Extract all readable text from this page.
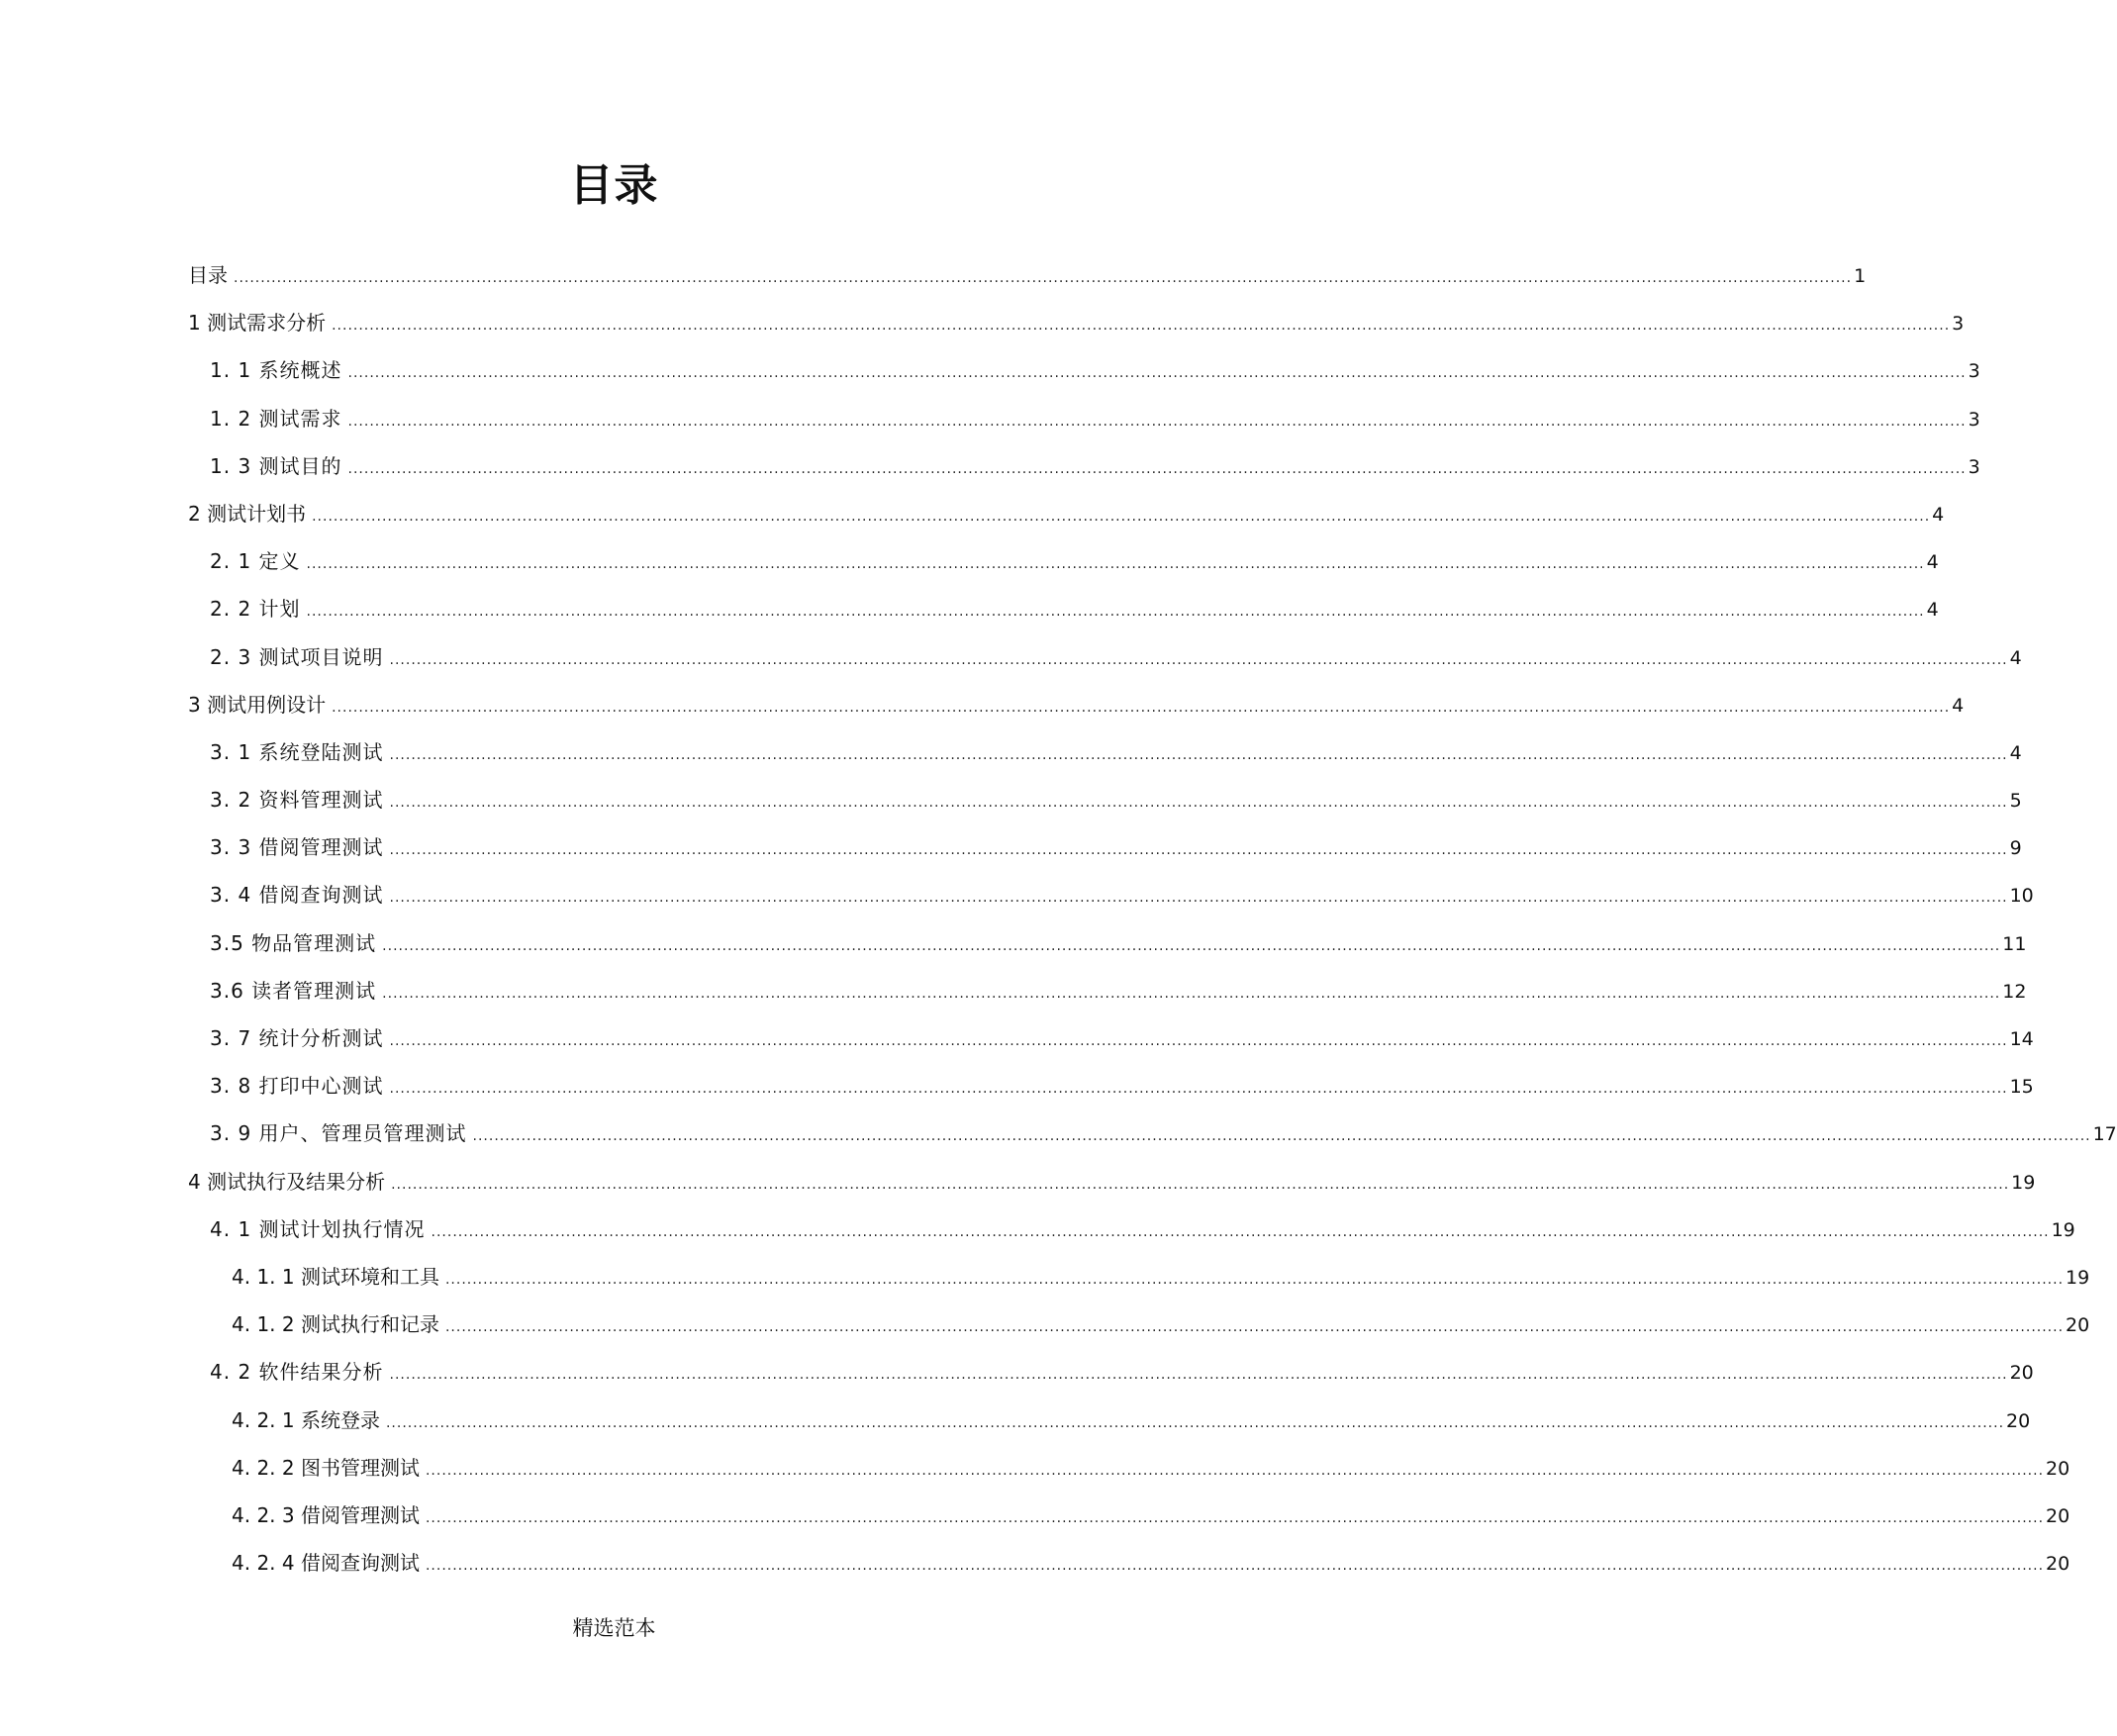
目录
目录 ............................................................................................................................................................................................................................................................................................................ 1
1 测试需求分析 ............................................................................................................................................................................................................................................................................................................ 3
1. 1 系统概述 ............................................................................................................................................................................................................................................................................................................ 3
1. 2 测试需求 ............................................................................................................................................................................................................................................................................................................ 3
1. 3 测试目的 ............................................................................................................................................................................................................................................................................................................ 3
2 测试计划书 ............................................................................................................................................................................................................................................................................................................ 4
2. 1 定义 ............................................................................................................................................................................................................................................................................................................ 4
2. 2 计划 ............................................................................................................................................................................................................................................................................................................ 4
2. 3 测试项目说明 ............................................................................................................................................................................................................................................................................................................ 4
3 测试用例设计 ............................................................................................................................................................................................................................................................................................................ 4
3. 1 系统登陆测试 ............................................................................................................................................................................................................................................................................................................ 4
3. 2 资料管理测试 ............................................................................................................................................................................................................................................................................................................ 5
3. 3 借阅管理测试 ............................................................................................................................................................................................................................................................................................................ 9
3. 4 借阅查询测试 ............................................................................................................................................................................................................................................................................................................ 10
3.5 物品管理测试 ............................................................................................................................................................................................................................................................................................................ 11
3.6 读者管理测试 ............................................................................................................................................................................................................................................................................................................ 12
3. 7 统计分析测试 ............................................................................................................................................................................................................................................................................................................ 14
3. 8 打印中心测试 ............................................................................................................................................................................................................................................................................................................ 15
3. 9 用户、管理员管理测试 ............................................................................................................................................................................................................................................................................................................ 17
4 测试执行及结果分析 ............................................................................................................................................................................................................................................................................................................ 19
4. 1 测试计划执行情况 ............................................................................................................................................................................................................................................................................................................ 19
4. 1. 1 测试环境和工具 ............................................................................................................................................................................................................................................................................................................ 19
4. 1. 2 测试执行和记录 ............................................................................................................................................................................................................................................................................................................ 20
4. 2 软件结果分析 ............................................................................................................................................................................................................................................................................................................ 20
4. 2. 1 系统登录 ............................................................................................................................................................................................................................................................................................................ 20
4. 2. 2 图书管理测试 ............................................................................................................................................................................................................................................................................................................ 20
4. 2. 3 借阅管理测试 ............................................................................................................................................................................................................................................................................................................ 20
4. 2. 4 借阅查询测试 ............................................................................................................................................................................................................................................................................................................ 20
精选范本
